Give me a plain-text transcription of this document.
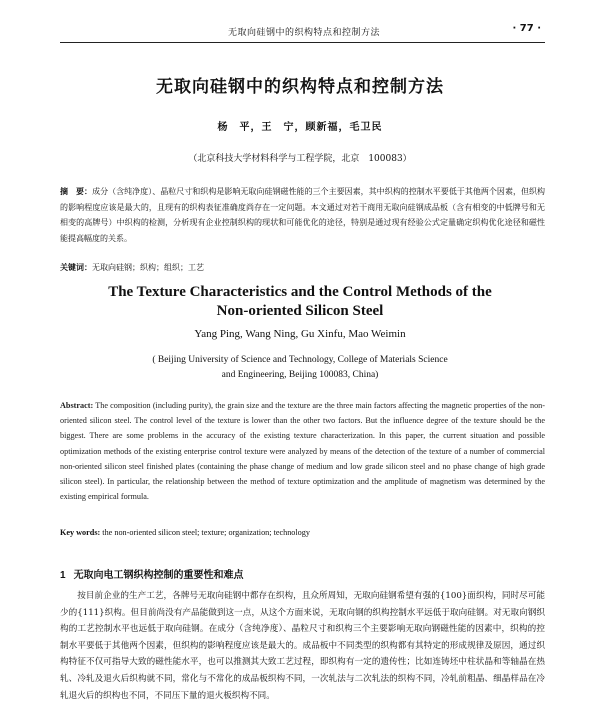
无取向硅钢中的织构特点和控制方法	· 77 ·
无取向硅钢中的织构特点和控制方法
杨　平，王　宁，顾新福，毛卫民
（北京科技大学材料科学与工程学院，北京　100083）
摘　要：成分（含纯净度）、晶粒尺寸和织构是影响无取向硅钢磁性能的三个主要因素，其中织构的控制水平要低于其他两个因素，但织构的影响程度应该是最大的，且现有的织构表征准确度尚存在一定问题。本文通过对若干商用无取向硅钢成品板（含有相变的中低牌号和无相变的高牌号）中织构的检测，分析现有企业控制织构的现状和可能优化的途径，特别是通过现有经验公式定量确定织构优化途径和磁性能提高幅度的关系。
关键词：无取向硅钢；织构；组织；工艺
The Texture Characteristics and the Control Methods of the
Non-oriented Silicon Steel
Yang Ping, Wang Ning, Gu Xinfu, Mao Weimin
( Beijing University of Science and Technology, College of Materials Science
and Engineering, Beijing 100083, China)
Abstract: The composition (including purity), the grain size and the texture are the three main factors affecting the magnetic properties of the non-oriented silicon steel. The control level of the texture is lower than the other two factors. But the influence degree of the texture should be the biggest. There are some problems in the accuracy of the existing texture characterization. In this paper, the current situation and possible optimization methods of the existing enterprise control texture were analyzed by means of the detection of the texture of a number of commercial non-oriented silicon steel finished plates (containing the phase change of medium and low grade silicon steel and no phase change of high grade silicon steel). In particular, the relationship between the method of texture optimization and the amplitude of magnetism was determined by the existing empirical formula.
Key words: the non-oriented silicon steel; texture; organization; technology
1 无取向电工钢织构控制的重要性和难点
按目前企业的生产工艺，各牌号无取向硅钢中都存在织构，且众所周知，无取向硅钢希望有强的{100}面织构，同时尽可能少的{111}织构。但目前尚没有产品能做到这一点，从这个方面来说，无取向钢的织构控制水平远低于取向硅钢。对无取向钢织构的工艺控制水平也远低于取向硅钢。在成分（含纯净度）、晶粒尺寸和织构三个主要影响无取向钢磁性能的因素中，织构的控制水平要低于其他两个因素，但织构的影响程度应该是最大的。成品板中不同类型的织构都有其特定的形成规律及原因，通过织构特征不仅可指导大致的磁性能水平，也可以推测其大致工艺过程，即织构有一定的遗传性；比如连铸坯中柱状晶和等轴晶在热轧、冷轧及退火后织构就不同，常化与不常化的成品板织构不同，一次轧法与二次轧法的织构不同，冷轧前粗晶、细晶样品在冷轧退火后的织构也不同，不同压下量的退火板织构不同。
